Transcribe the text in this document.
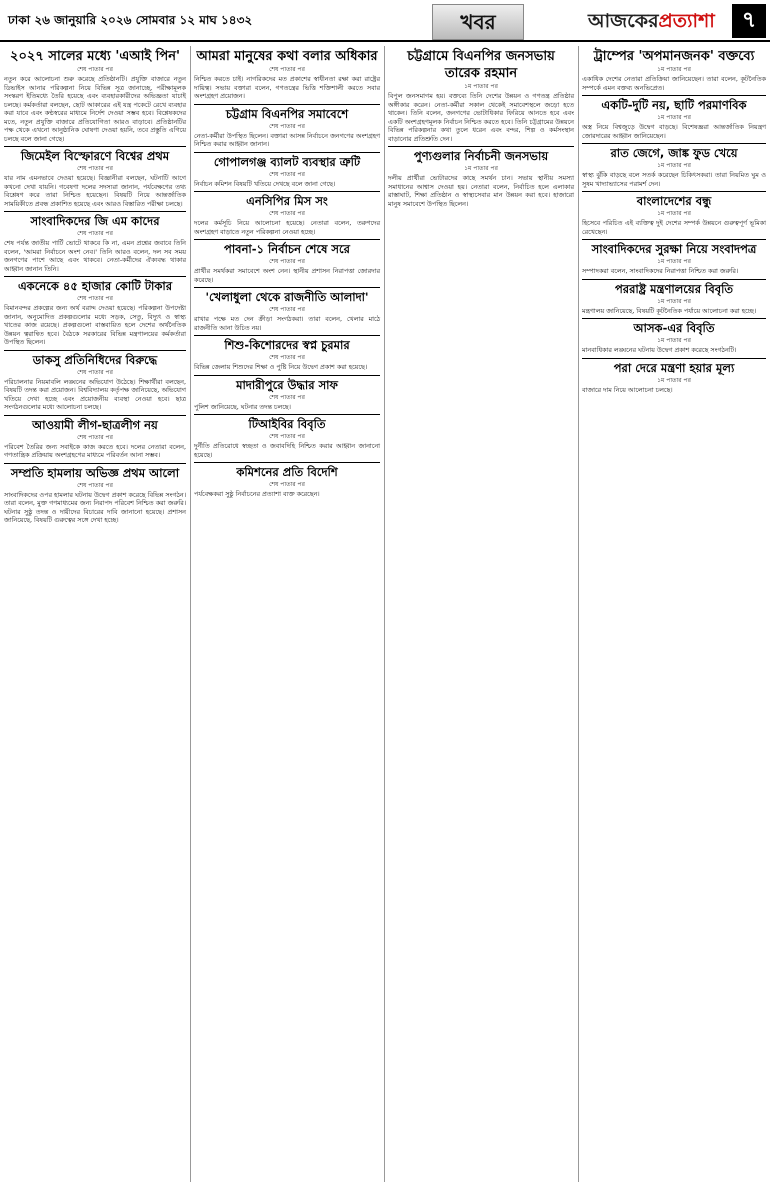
ঢাকা ২৬ জানুয়ারি ২০২৬ সোমবার ১২ মাঘ ১৪৩২	খবর	আজকেরপ্রত্যাশা	৭
২০২৭ সালের মধ্যে 'এআই পিন'
শেষ পাতার পর
নতুন করে আলোচনা শুরু করেছে প্রতিষ্ঠানটি। প্রযুক্তি বাজারে নতুন ডিভাইস আনার পরিকল্পনা নিয়ে বিভিন্ন সূত্র জানাচ্ছে, পরীক্ষামূলক সংস্করণ ইতিমধ্যে তৈরি হয়েছে এবং ব্যবহারকারীদের অভিজ্ঞতা যাচাই চলছে। কর্মকর্তারা বলছেন, ছোট আকারের এই যন্ত্র পকেটে রেখে ব্যবহার করা যাবে এবং কণ্ঠস্বরের মাধ্যমে নির্দেশ দেওয়া সম্ভব হবে। বিশ্লেষকদের মতে, নতুন প্রযুক্তি বাজারে প্রতিযোগিতা আরও বাড়াবে। প্রতিষ্ঠানটির পক্ষ থেকে এখনো আনুষ্ঠানিক ঘোষণা দেওয়া হয়নি, তবে প্রস্তুতি এগিয়ে চলছে বলে জানা গেছে।
জিমেইল বিস্ফোরণে বিশ্বের প্রথম
শেষ পাতার পর
যার নাম এমনভাবে দেওয়া হয়েছে। বিজ্ঞানীরা বলছেন, ঘটনাটি আগে কখনো দেখা যায়নি। গবেষণা দলের সদস্যরা জানান, পর্যবেক্ষণের তথ্য বিশ্লেষণ করে তারা নিশ্চিত হয়েছেন। বিষয়টি নিয়ে আন্তর্জাতিক সাময়িকীতে প্রবন্ধ প্রকাশিত হয়েছে এবং আরও বিস্তারিত পরীক্ষা চলছে।
সাংবাদিকদের জি এম কাদের
শেষ পাতার পর
শেষ পর্যন্ত জাতীয় পার্টি ভোটে থাকবে কি না, এমন প্রশ্নের জবাবে তিনি বলেন, 'আমরা নির্বাচনে অংশ নেব।' তিনি আরও বলেন, দল সব সময় জনগণের পাশে আছে এবং থাকবে। নেতা-কর্মীদের ঐক্যবদ্ধ থাকার আহ্বান জানান তিনি।
একনেকে ৪৫ হাজার কোটি টাকার
শেষ পাতার পর
বিমানবন্দর প্রকল্পের জন্য অর্থ বরাদ্দ দেওয়া হয়েছে। পরিকল্পনা উপদেষ্টা জানান, অনুমোদিত প্রকল্পগুলোর মধ্যে সড়ক, সেতু, বিদ্যুৎ ও স্বাস্থ্য খাতের কাজ রয়েছে। প্রকল্পগুলো বাস্তবায়িত হলে দেশের অর্থনৈতিক উন্নয়ন ত্বরান্বিত হবে। বৈঠকে সরকারের বিভিন্ন মন্ত্রণালয়ের কর্মকর্তারা উপস্থিত ছিলেন।
ডাকসু প্রতিনিধিদের বিরুদ্ধে
শেষ পাতার পর
পরিচালনার নিয়মাবলি লঙ্ঘনের অভিযোগ উঠেছে। শিক্ষার্থীরা বলছেন, বিষয়টি তদন্ত করা প্রয়োজন। বিশ্ববিদ্যালয় কর্তৃপক্ষ জানিয়েছে, অভিযোগ খতিয়ে দেখা হচ্ছে এবং প্রয়োজনীয় ব্যবস্থা নেওয়া হবে। ছাত্র সংগঠনগুলোর মধ্যে আলোচনা চলছে।
আওয়ামী লীগ-ছাত্রলীগ নয়
শেষ পাতার পর
পরিবেশ তৈরির জন্য সবাইকে কাজ করতে হবে। দলের নেতারা বলেন, গণতান্ত্রিক প্রক্রিয়ায় অংশগ্রহণের মাধ্যমে পরিবর্তন আনা সম্ভব।
সম্প্রতি হামলায় অভিজ্ঞ প্রথম আলো
শেষ পাতার পর
সাংবাদিকদের ওপর হামলার ঘটনায় উদ্বেগ প্রকাশ করেছে বিভিন্ন সংগঠন। তারা বলেন, মুক্ত গণমাধ্যমের জন্য নিরাপদ পরিবেশ নিশ্চিত করা জরুরি। ঘটনার সুষ্ঠু তদন্ত ও দায়ীদের বিচারের দাবি জানানো হয়েছে। প্রশাসন জানিয়েছে, বিষয়টি গুরুত্বের সঙ্গে দেখা হচ্ছে।
আমরা মানুষের কথা বলার অধিকার
শেষ পাতার পর
নিশ্চিত করতে চাই। নাগরিকদের মত প্রকাশের স্বাধীনতা রক্ষা করা রাষ্ট্রের দায়িত্ব। সভায় বক্তারা বলেন, গণতন্ত্রের ভিত্তি শক্তিশালী করতে সবার অংশগ্রহণ প্রয়োজন।
চট্টগ্রাম বিএনপির সমাবেশে
শেষ পাতার পর
নেতা-কর্মীরা উপস্থিত ছিলেন। বক্তারা আসন্ন নির্বাচনে জনগণের অংশগ্রহণ নিশ্চিত করার আহ্বান জানান।
গোপালগঞ্জ ব্যালট ব্যবস্থার ত্রুটি
শেষ পাতার পর
নির্বাচন কমিশন বিষয়টি খতিয়ে দেখছে বলে জানা গেছে।
এনসিপির মিস সং
শেষ পাতার পর
দলের কর্মসূচি নিয়ে আলোচনা হয়েছে। নেতারা বলেন, তরুণদের অংশগ্রহণ বাড়াতে নতুন পরিকল্পনা নেওয়া হচ্ছে।
পাবনা-১ নির্বাচন শেষে সরে
শেষ পাতার পর
প্রার্থীর সমর্থকরা সমাবেশে অংশ নেন। স্থানীয় প্রশাসন নিরাপত্তা জোরদার করেছে।
'খেলাধুলা থেকে রাজনীতি আলাদা'
শেষ পাতার পর
রাখার পক্ষে মত দেন ক্রীড়া সংগঠকরা। তারা বলেন, খেলার মাঠে রাজনীতি আনা উচিত নয়।
শিশু-কিশোরদের স্বপ্ন চুরমার
শেষ পাতার পর
বিভিন্ন জেলায় শিশুদের শিক্ষা ও পুষ্টি নিয়ে উদ্বেগ প্রকাশ করা হয়েছে।
মাদারীপুরে উদ্ধার সাফ
শেষ পাতার পর
পুলিশ জানিয়েছে, ঘটনার তদন্ত চলছে।
টিআইবির বিবৃতি
শেষ পাতার পর
দুর্নীতি প্রতিরোধে স্বচ্ছতা ও জবাবদিহি নিশ্চিত করার আহ্বান জানানো হয়েছে।
কমিশনের প্রতি বিদেশি
শেষ পাতার পর
পর্যবেক্ষকরা সুষ্ঠু নির্বাচনের প্রত্যাশা ব্যক্ত করেছেন।
চট্টগ্রামে বিএনপির জনসভায় তারেক রহমান
১ম পাতার পর
বিপুল জনসমাগম হয়। বক্তব্যে তিনি দেশের উন্নয়ন ও গণতন্ত্র প্রতিষ্ঠার অঙ্গীকার করেন। নেতা-কর্মীরা সকাল থেকেই সমাবেশস্থলে জড়ো হতে থাকেন। তিনি বলেন, জনগণের ভোটাধিকার ফিরিয়ে আনতে হবে এবং একটি অংশগ্রহণমূলক নির্বাচন নিশ্চিত করতে হবে। তিনি চট্টগ্রামের উন্নয়নে বিভিন্ন পরিকল্পনার কথা তুলে ধরেন এবং বন্দর, শিল্প ও কর্মসংস্থান বাড়ানোর প্রতিশ্রুতি দেন।
পুণ্যগুলার নির্বাচনী জনসভায়
১ম পাতার পর
দলীয় প্রার্থীরা ভোটারদের কাছে সমর্থন চান। সভায় স্থানীয় সমস্যা সমাধানের আশ্বাস দেওয়া হয়। নেতারা বলেন, নির্বাচিত হলে এলাকার রাস্তাঘাট, শিক্ষা প্রতিষ্ঠান ও স্বাস্থ্যসেবার মান উন্নয়ন করা হবে। হাজারো মানুষ সমাবেশে উপস্থিত ছিলেন।
ট্রাম্পের 'অপমানজনক' বক্তব্যে
১ম পাতার পর
একাধিক দেশের নেতারা প্রতিক্রিয়া জানিয়েছেন। তারা বলেন, কূটনৈতিক সম্পর্কে এমন বক্তব্য অনভিপ্রেত।
একটি-দুটি নয়, ছাটি পরমাণবিক
১ম পাতার পর
অস্ত্র নিয়ে বিশ্বজুড়ে উদ্বেগ বাড়ছে। বিশেষজ্ঞরা আন্তর্জাতিক নিয়ন্ত্রণ জোরদারের আহ্বান জানিয়েছেন।
রাত জেগে, জাঙ্ক ফুড খেয়ে
১ম পাতার পর
স্বাস্থ্য ঝুঁকি বাড়ছে বলে সতর্ক করেছেন চিকিৎসকরা। তারা নিয়মিত ঘুম ও সুষম খাদ্যাভ্যাসের পরামর্শ দেন।
বাংলাদেশের বন্ধু
১ম পাতার পর
হিসেবে পরিচিত এই ব্যক্তিত্ব দুই দেশের সম্পর্ক উন্নয়নে গুরুত্বপূর্ণ ভূমিকা রেখেছেন।
সাংবাদিকদের সুরক্ষা নিয়ে সংবাদপত্র
১ম পাতার পর
সম্পাদকরা বলেন, সাংবাদিকদের নিরাপত্তা নিশ্চিত করা জরুরি।
পররাষ্ট্র মন্ত্রণালয়ের বিবৃতি
১ম পাতার পর
মন্ত্রণালয় জানিয়েছে, বিষয়টি কূটনৈতিক পর্যায়ে আলোচনা করা হচ্ছে।
আসক-এর বিবৃতি
১ম পাতার পর
মানবাধিকার লঙ্ঘনের ঘটনায় উদ্বেগ প্রকাশ করেছে সংগঠনটি।
পরা দেরে মন্ত্রণা হয়ার মূল্য
১ম পাতার পর
বাজারে দাম নিয়ে আলোচনা চলছে।
